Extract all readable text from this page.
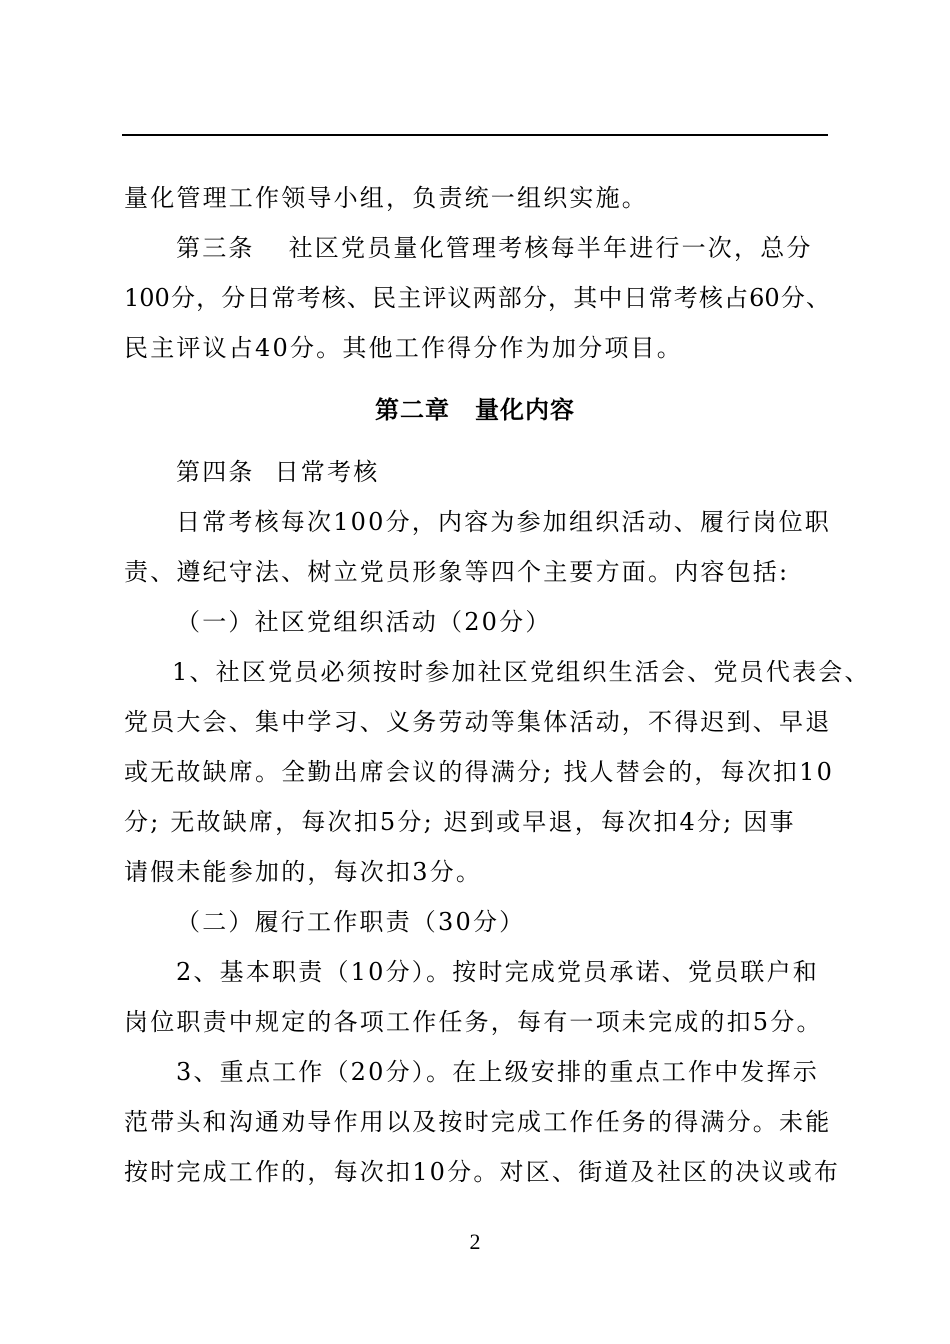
量化管理工作领导小组，负责统一组织实施。
第三条 社区党员量化管理考核每半年进行一次，总分
100分，分日常考核、民主评议两部分，其中日常考核占60分、
民主评议占40分。其他工作得分作为加分项目。
第二章　量化内容
第四条 日常考核
日常考核每次100分，内容为参加组织活动、履行岗位职
责、遵纪守法、树立党员形象等四个主要方面。内容包括:
（一）社区党组织活动（20分）
1、社区党员必须按时参加社区党组织生活会、党员代表会、
党员大会、集中学习、义务劳动等集体活动，不得迟到、早退
或无故缺席。全勤出席会议的得满分; 找人替会的，每次扣10
分; 无故缺席，每次扣5分; 迟到或早退，每次扣4分; 因事
请假未能参加的，每次扣3分。
（二）履行工作职责（30分）
2、基本职责（10分）。按时完成党员承诺、党员联户和
岗位职责中规定的各项工作任务，每有一项未完成的扣5分。
3、重点工作（20分）。在上级安排的重点工作中发挥示
范带头和沟通劝导作用以及按时完成工作任务的得满分。未能
按时完成工作的，每次扣10分。对区、街道及社区的决议或布
2
